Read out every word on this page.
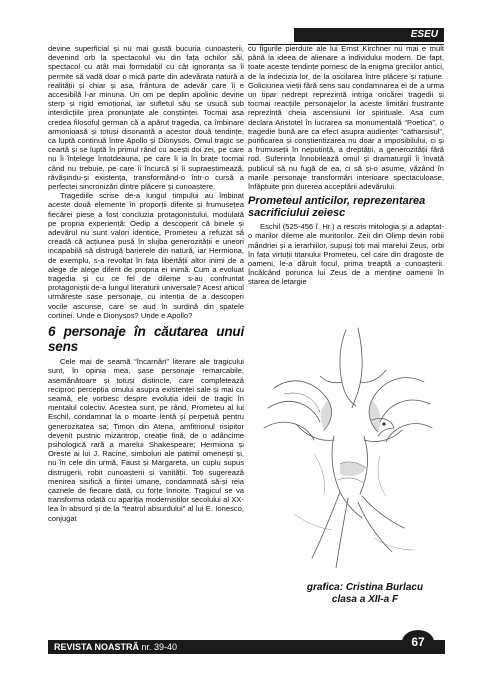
ESEU

devine superficial și nu mai gustă bucuria cunoașterii, devenind orb la spectacolul viu din fața ochilor săi, spectacol cu atât mai formidabil cu cât ignoranța sa îi permite să vadă doar o mică parte din adevărata natură a realității și chiar și asa, frântura de adevăr care îi e accesibilă l-ar minuna. Un om pe deplin apolinic devine sterp și rigid emoțional, iar sufletul său se usucă sub interdicțiile prea pronunțate ale conștiinței. Tocmai asa credea filosoful german că a apărut tragedia, ca îmbinare armonioasă și totuși disonantă a acestor două tendințe, ca luptă continuă între Apollo și Dionysos. Omul tragic se ceartă și se luptă în primul rând cu acești doi zei, pe care nu îi înțelege întotdeauna, pe care îi ia în brațe tocmai când nu trebuie, pe care îi încurcă și îi supraestimează, răvășindu-și existența, transformând-o într-o cursă a perfectei sincronizări dintre plăcere și cunoaștere.

Tragediile scrise de-a lungul timpului au îmbinat aceste două elemente în proporții diferite și frumusețea fiecărei piese a fost concluzia protagonistului, modulată pe propria experiență: Oedip a descoperit că binele și adevărul nu sunt valori identice, Prometeu a refuzat să creadă că acțiunea pusă în slujba generozității e uneori incapabilă să distrugă barierele din natură, iar Hermiona, de exemplu, s-a revoltat în fața libertății altor inimi de a alege de alege diferit de propria ei inimă. Cum a evoluat tragedia și cu ce fel de dileme s-au confruntat protagoniștii de-a lungul literaturii universale? Acest articol urmărește sase personaje, cu intenția de a descoperi vocile ascunse, care se aud în surdină din spatele cortinei. Unde e Dionysos? Unde e Apollo?

6 personaje în căutarea unui sens

Cele mai de seamă “încarnări” literare ale tragicului sunt, în opinia mea, șase personaje remarcabile, asemănătoare și totuși distincte, care completează reciproc percepția omului asupra existenței sale și mai cu seamă, ele vorbesc despre evoluția ideii de tragic în mentalul colectiv. Acestea sunt, pe rând, Prometeu al lui Eschil, condamnat la o moarte lentă și perpetuă pentru generozitatea sa; Timon din Atena, amfitrionul risipitor devenit pustnic mizantrop, creație fină, de o adâncime psihologică rară a marelui Shakespeare; Hermiona și Oreste ai lui J. Racine, simboluri ale patimii omenești și, nu în cele din urmă, Faust și Margareta, un cuplu supus distrugerii, robit cunoașterii și vanității. Toți sugerează menirea sisifică a fiintei umane, condamnată să-și reia caznele de fiecare dată, cu forțe înnoite. Tragicul se va transforma odată cu apariția modernistilor secolului al XX-lea în absurd și de la “teatrul absurdului” al lui E. Ionesco, conjugat

cu figurile pierdute ale lui Ernst Kirchner nu mai e mult până la ideea de alienare a individului modern. De fapt, toate aceste tendințe pornesc de la enigma greciilor antici, de la indecizia lor, de la oscilarea între plăcere și rațiune. Goliciunea vieții fără sens sau condamnarea ei de a urma un tipar nedrept reprezintă intriga oricărei tragedii și tocmai reacțiile personajelor la aceste limitări frustrante reprezintă cheia ascensiunii lor spirituale. Asa cum declara Aristotel în lucrarea sa monumentală “Poetica”, o tragedie bună are ca efect asupra audienței “catharsisul”, purificarea și conștientizarea nu doar a imposibilului, ci și a frumuseții în neputință, a dreptății, a generozității fără rod. Suferința înnobilează omul și dramaturgii îi învață publicul să nu fugă de ea, ci să și-o asume, văzând în marile personaje transformări interioare spectaculoase, înfăptuite prin durerea acceptării adevărului.

Prometeul anticilor, reprezentarea
sacrificiului zeiesc

Eschil (525-456 î. Hr.) a rescris mitologia și a adaptat-o marilor dileme ale muritorilor. Zeii din Olimp devin robii mândriei și a ierarhiilor, supuși toți mai marelui Zeus, orbi în fața virtuții titanului Prometeu, cel care din dragoste de oameni, le-a dăruit focul, prima treaptă a cunoașterii. Încălcând porunca lui Zeus de a menține oamenii în starea de letargie

grafica: Cristina Burlacu
clasa a XII-a F
REVISTA NOASTRĂ nr. 39-40	67
